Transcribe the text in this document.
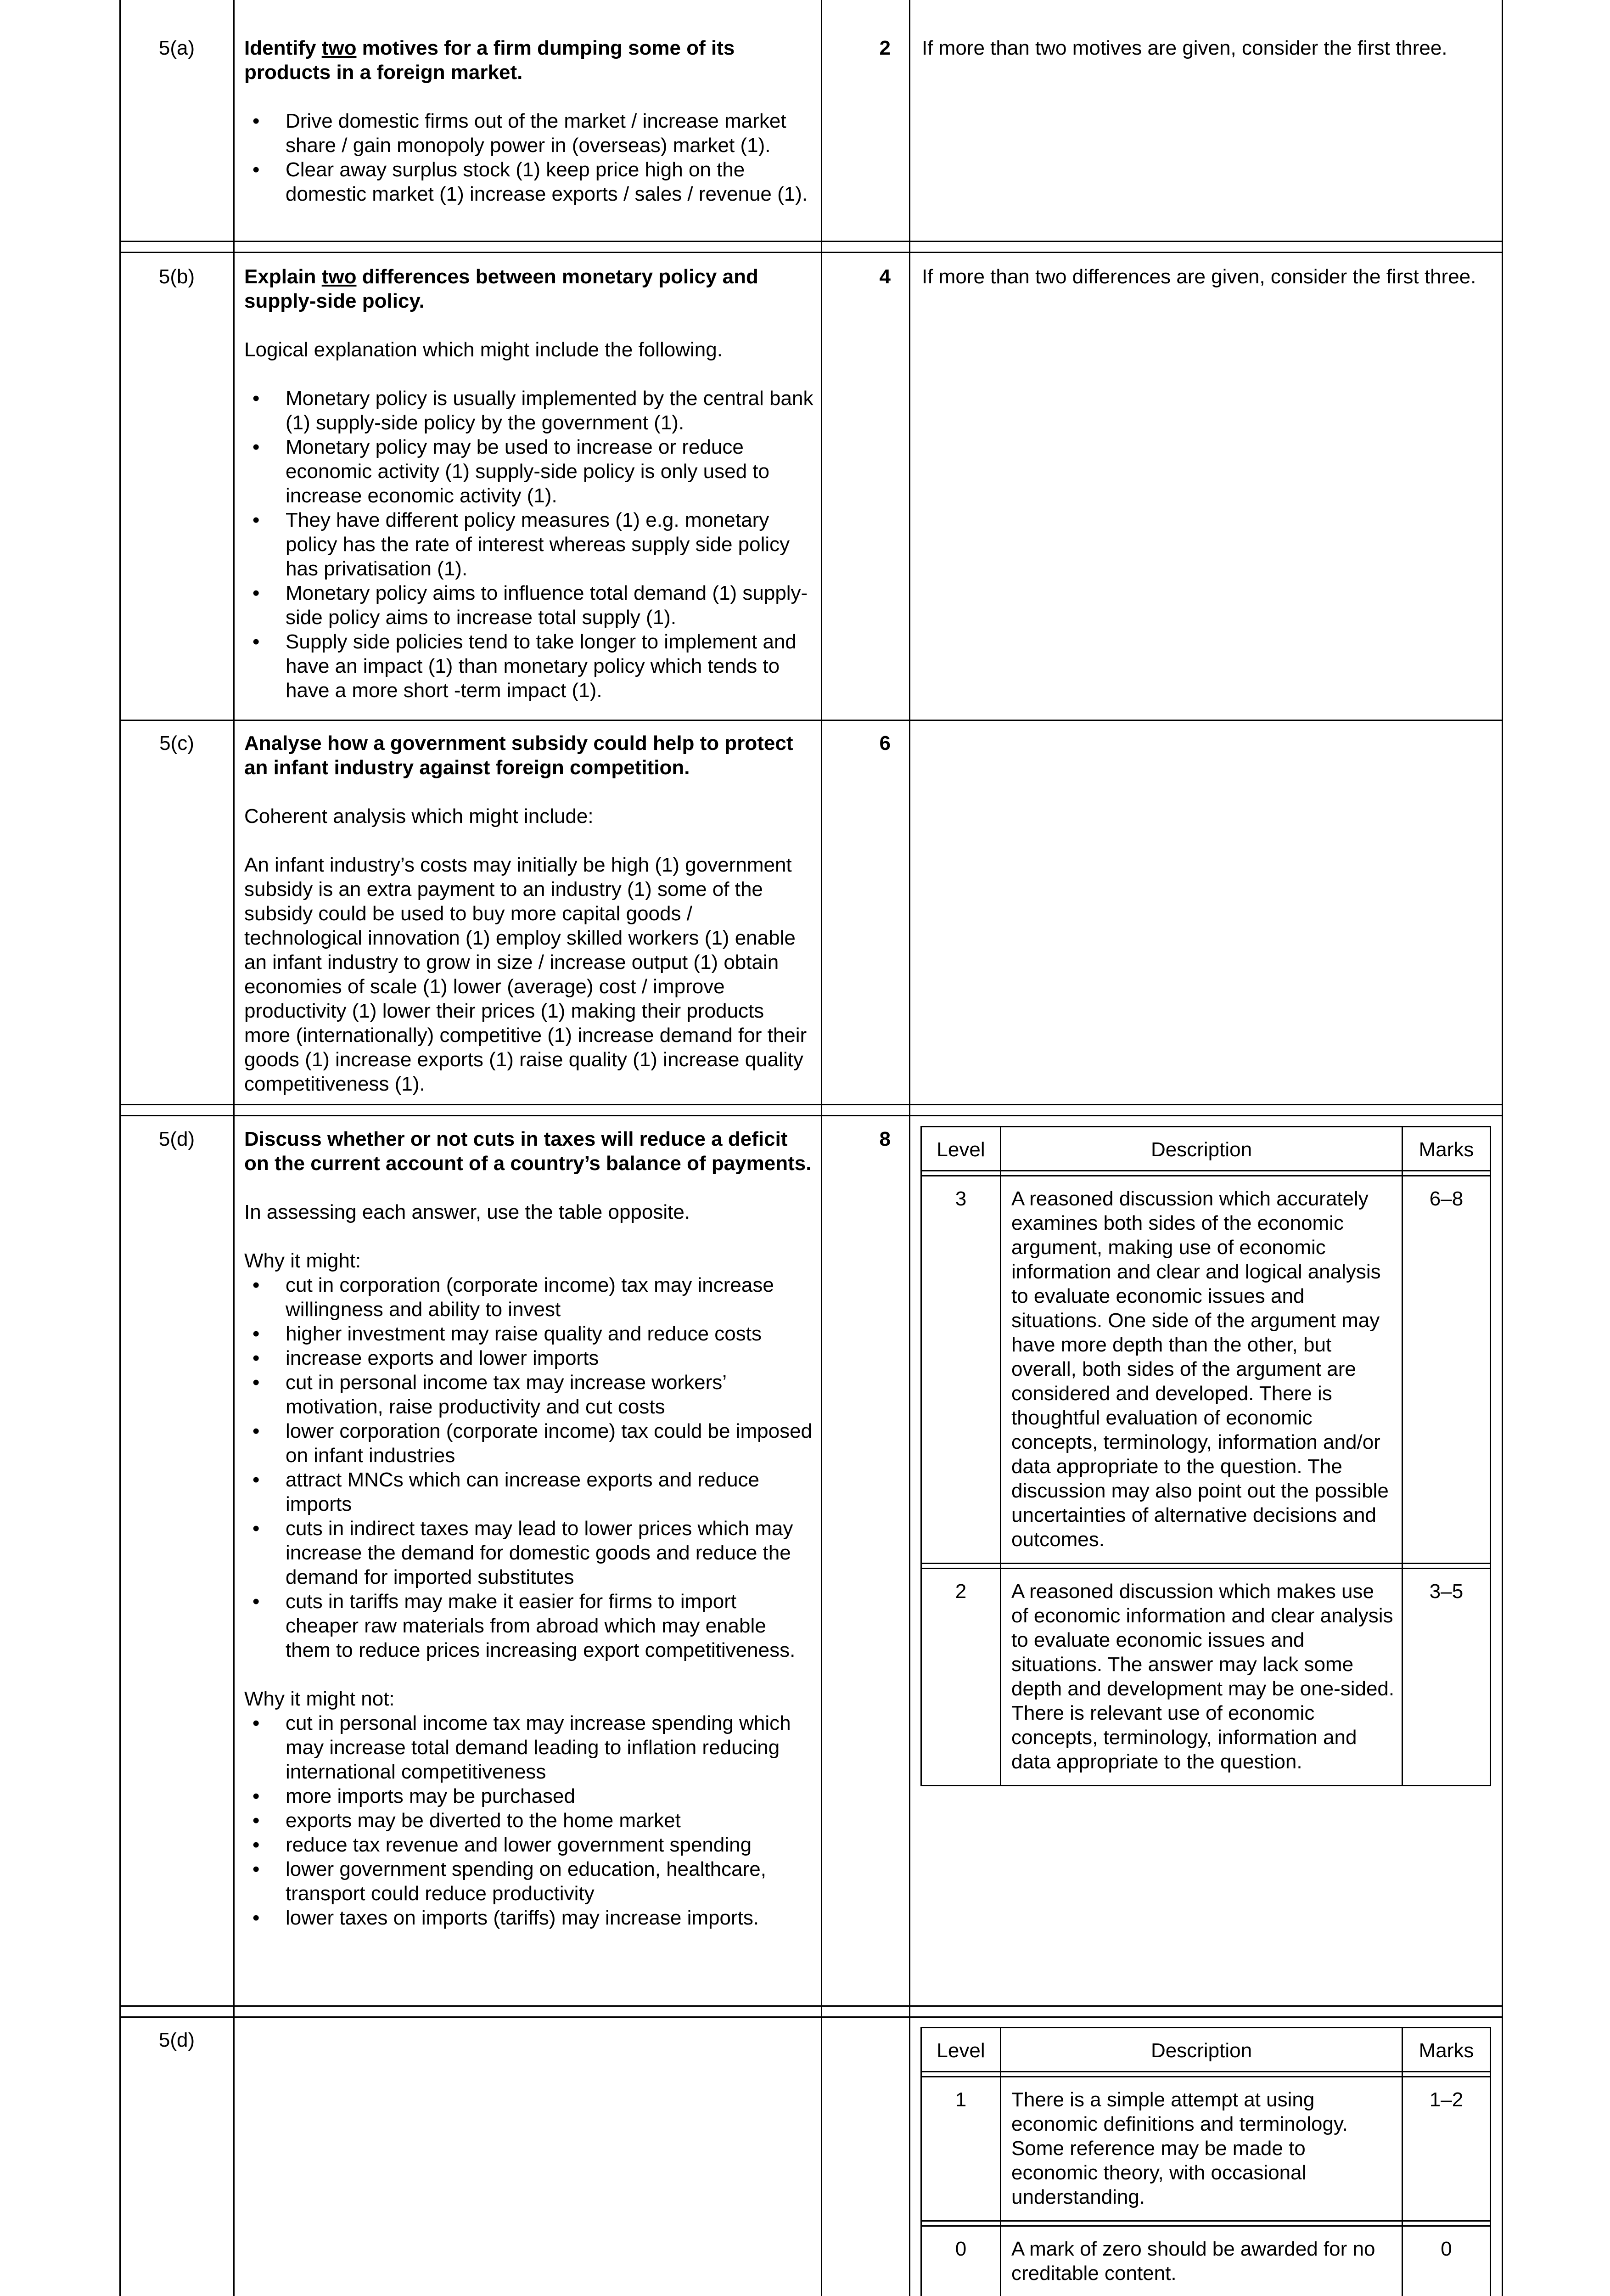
5(a)	Identify two motives for a firm dumping some of its products in a foreign market.

• Drive domestic firms out of the market / increase market share / gain monopoly power in (overseas) market (1).
• Clear away surplus stock (1) keep price high on the domestic market (1) increase exports / sales / revenue (1).
2 If more than two motives are given, consider the first three.
5(b)	Explain two differences between monetary policy and supply-side policy.

Logical explanation which might include the following.

• Monetary policy is usually implemented by the central bank (1) supply-side policy by the government (1).
• Monetary policy may be used to increase or reduce economic activity (1) supply-side policy is only used to increase economic activity (1).
• They have different policy measures (1) e.g. monetary policy has the rate of interest whereas supply side policy has privatisation (1).
• Monetary policy aims to influence total demand (1) supply-side policy aims to increase total supply (1).
• Supply side policies tend to take longer to implement and have an impact (1) than monetary policy which tends to have a more short -term impact (1).
4 If more than two differences are given, consider the first three.
5(c)	Analyse how a government subsidy could help to protect an infant industry against foreign competition.

Coherent analysis which might include:

An infant industry’s costs may initially be high (1) government subsidy is an extra payment to an industry (1) some of the subsidy could be used to buy more capital goods / technological innovation (1) employ skilled workers (1) enable an infant industry to grow in size / increase output (1) obtain economies of scale (1) lower (average) cost / improve productivity (1) lower their prices (1) making their products more (internationally) competitive (1) increase demand for their goods (1) increase exports (1) raise quality (1) increase quality competitiveness (1).

6
5(d)	Discuss whether or not cuts in taxes will reduce a deficit on the current account of a country’s balance of payments.

In assessing each answer, use the table opposite.

Why it might:

• cut in corporation (corporate income) tax may increase willingness and ability to invest
• higher investment may raise quality and reduce costs
• increase exports and lower imports
• cut in personal income tax may increase workers’ motivation, raise productivity and cut costs
• lower corporation (corporate income) tax could be imposed on infant industries
• attract MNCs which can increase exports and reduce imports
• cuts in indirect taxes may lead to lower prices which may increase the demand for domestic goods and reduce the demand for imported substitutes
• cuts in tariffs may make it easier for firms to import cheaper raw materials from abroad which may enable them to reduce prices increasing export competitiveness.

Why it might not:

• cut in personal income tax may increase spending which may increase total demand leading to inflation reducing international competitiveness
• more imports may be purchased
• exports may be diverted to the home market
• reduce tax revenue and lower government spending
• lower government spending on education, healthcare, transport could reduce productivity
• lower taxes on imports (tariffs) may increase imports.
8 Level	Description	Marks

3	A reasoned discussion which accurately examines both sides of the economic argument, making use of economic information and clear and logical analysis to evaluate economic issues and situations. One side of the argument may have more depth than the other, but overall, both sides of the argument are considered and developed. There is thoughtful evaluation of economic concepts, terminology, information and/or data appropriate to the question. The discussion may also point out the possible uncertainties of alternative decisions and outcomes.	6–8

2	A reasoned discussion which makes use of economic information and clear analysis to evaluate economic issues and situations. The answer may lack some depth and development may be one-sided. There is relevant use of economic concepts, terminology, information and data appropriate to the question.	3–5
5(d)	Level	Description	Marks

1	There is a simple attempt at using economic definitions and terminology. Some reference may be made to economic theory, with occasional understanding.	1–2

0	A mark of zero should be awarded for no creditable content.	0
